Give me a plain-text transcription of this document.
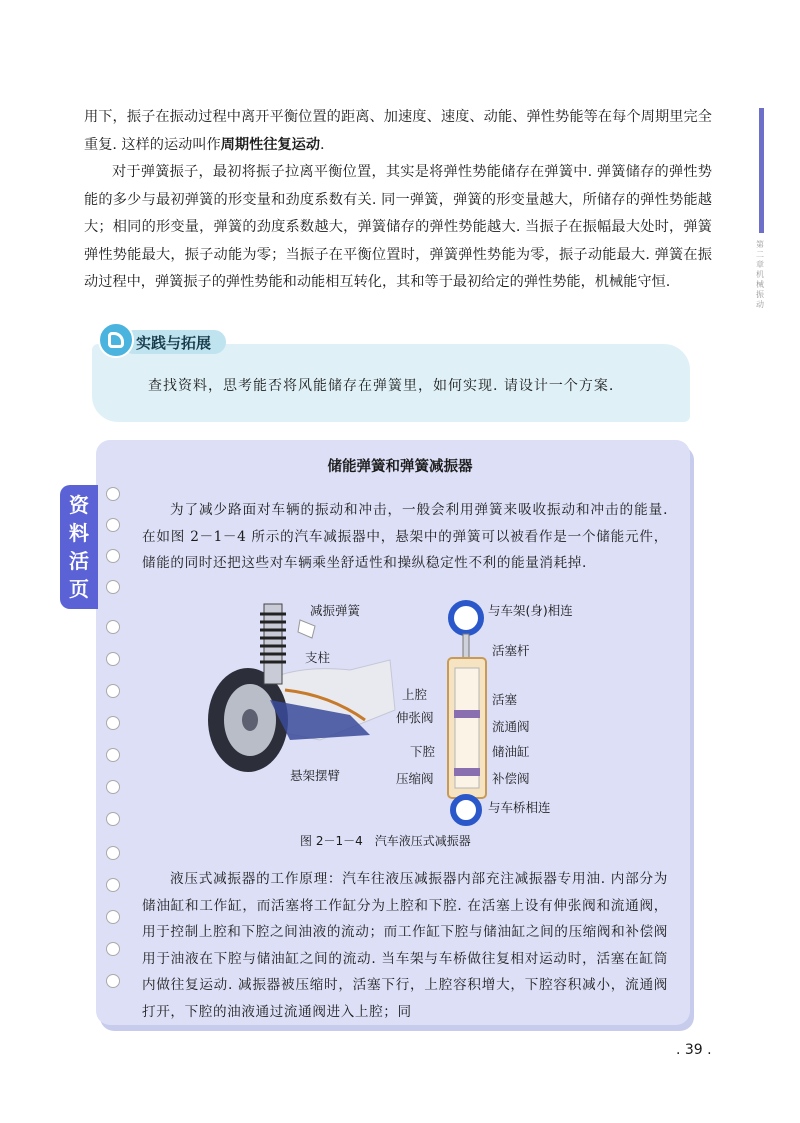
第二章 机械振动

用下，振子在振动过程中离开平衡位置的距离、加速度、速度、动能、弹性势能等在每个周期里完全重复. 这样的运动叫作周期性往复运动.

对于弹簧振子，最初将振子拉离平衡位置，其实是将弹性势能储存在弹簧中. 弹簧储存的弹性势能的多少与最初弹簧的形变量和劲度系数有关. 同一弹簧，弹簧的形变量越大，所储存的弹性势能越大；相同的形变量，弹簧的劲度系数越大，弹簧储存的弹性势能越大. 当振子在振幅最大处时，弹簧弹性势能最大，振子动能为零；当振子在平衡位置时，弹簧弹性势能为零，振子动能最大. 弹簧在振动过程中，弹簧振子的弹性势能和动能相互转化，其和等于最初给定的弹性势能，机械能守恒.

实践与拓展
查找资料，思考能否将风能储存在弹簧里，如何实现. 请设计一个方案.
资料活页
储能弹簧和弹簧减振器

为了减少路面对车辆的振动和冲击，一般会利用弹簧来吸收振动和冲击的能量. 在如图 2－1－4 所示的汽车减振器中，悬架中的弹簧可以被看作是一个储能元件，储能的同时还把这些对车辆乘坐舒适性和操纵稳定性不利的能量消耗掉.

减振弹簧
支柱
悬架摆臂
与车架(身)相连
活塞杆
上腔	活塞
伸张阀
流通阀
下腔	储油缸
压缩阀	补偿阀
与车桥相连
图 2－1－4　汽车液压式减振器

液压式减振器的工作原理：汽车往液压减振器内部充注减振器专用油. 内部分为储油缸和工作缸，而活塞将工作缸分为上腔和下腔. 在活塞上设有伸张阀和流通阀，用于控制上腔和下腔之间油液的流动；而工作缸下腔与储油缸之间的压缩阀和补偿阀用于油液在下腔与储油缸之间的流动. 当车架与车桥做往复相对运动时，活塞在缸筒内做往复运动. 减振器被压缩时，活塞下行，上腔容积增大，下腔容积减小，流通阀打开，下腔的油液通过流通阀进入上腔；同

. 39 .
